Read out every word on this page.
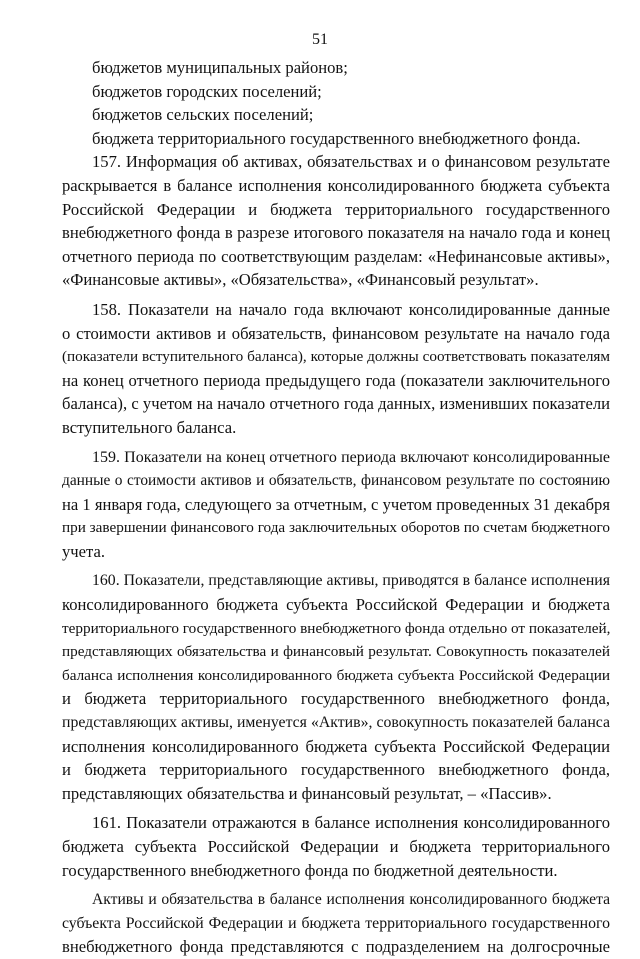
51
бюджетов муниципальных районов;
бюджетов городских поселений;
бюджетов сельских поселений;
бюджета территориального государственного внебюджетного фонда.
157. Информация об активах, обязательствах и о финансовом результате
раскрывается в балансе исполнения консолидированного бюджета субъекта
Российской Федерации и бюджета территориального государственного
внебюджетного фонда в разрезе итогового показателя на начало года и конец
отчетного периода по соответствующим разделам: «Нефинансовые активы»,
«Финансовые активы», «Обязательства», «Финансовый результат».
158. Показатели на начало года включают консолидированные данные
о стоимости активов и обязательств, финансовом результате на начало года
(показатели вступительного баланса), которые должны соответствовать показателям
на конец отчетного периода предыдущего года (показатели заключительного
баланса), с учетом на начало отчетного года данных, изменивших показатели
вступительного баланса.
159. Показатели на конец отчетного периода включают консолидированные
данные о стоимости активов и обязательств, финансовом результате по состоянию
на 1 января года, следующего за отчетным, с учетом проведенных 31 декабря
при завершении финансового года заключительных оборотов по счетам бюджетного
учета.
160. Показатели, представляющие активы, приводятся в балансе исполнения
консолидированного бюджета субъекта Российской Федерации и бюджета
территориального государственного внебюджетного фонда отдельно от показателей,
представляющих обязательства и финансовый результат. Совокупность показателей
баланса исполнения консолидированного бюджета субъекта Российской Федерации
и бюджета территориального государственного внебюджетного фонда,
представляющих активы, именуется «Актив», совокупность показателей баланса
исполнения консолидированного бюджета субъекта Российской Федерации
и бюджета территориального государственного внебюджетного фонда,
представляющих обязательства и финансовый результат, – «Пассив».
161. Показатели отражаются в балансе исполнения консолидированного
бюджета субъекта Российской Федерации и бюджета территориального
государственного внебюджетного фонда по бюджетной деятельности.
Активы и обязательства в балансе исполнения консолидированного бюджета
субъекта Российской Федерации и бюджета территориального государственного
внебюджетного фонда представляются с подразделением на долгосрочные
